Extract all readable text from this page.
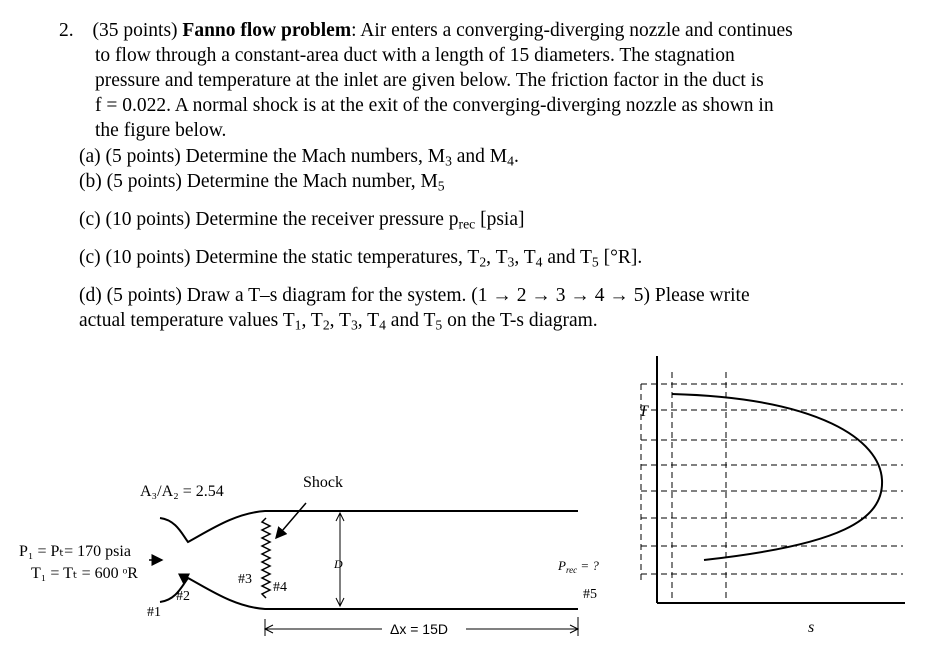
2. (35 points) Fanno flow problem: Air enters a converging-diverging nozzle and continues
to flow through a constant-area duct with a length of 15 diameters. The stagnation
pressure and temperature at the inlet are given below. The friction factor in the duct is
f = 0.022. A normal shock is at the exit of the converging-diverging nozzle as shown in
the figure below.
(a) (5 points) Determine the Mach numbers, $M_3$ and $M_4$.
(b) (5 points) Determine the Mach number, $M_5$
(c) (10 points) Determine the receiver pressure $p_{rec}$ [psia]
(c) (10 points) Determine the static temperatures, $T_2$, $T_3$, $T_4$ and $T_5$ [°R].
(d) (5 points) Draw a T–s diagram for the system. (1 → 2 → 3 → 4 → 5) Please write
actual temperature values $T_1$, $T_2$, $T_3$, $T_4$ and $T_5$ on the T-s diagram.
A₃/A₂ = 2.54
Shock
P₁ = Pₜ= 170 psia
T₁ = Tₜ = 600 ᵒR
#1
#2
#3
#4	#5
D	$P_{rec}$ = ?
Δx = 15D
T
s
